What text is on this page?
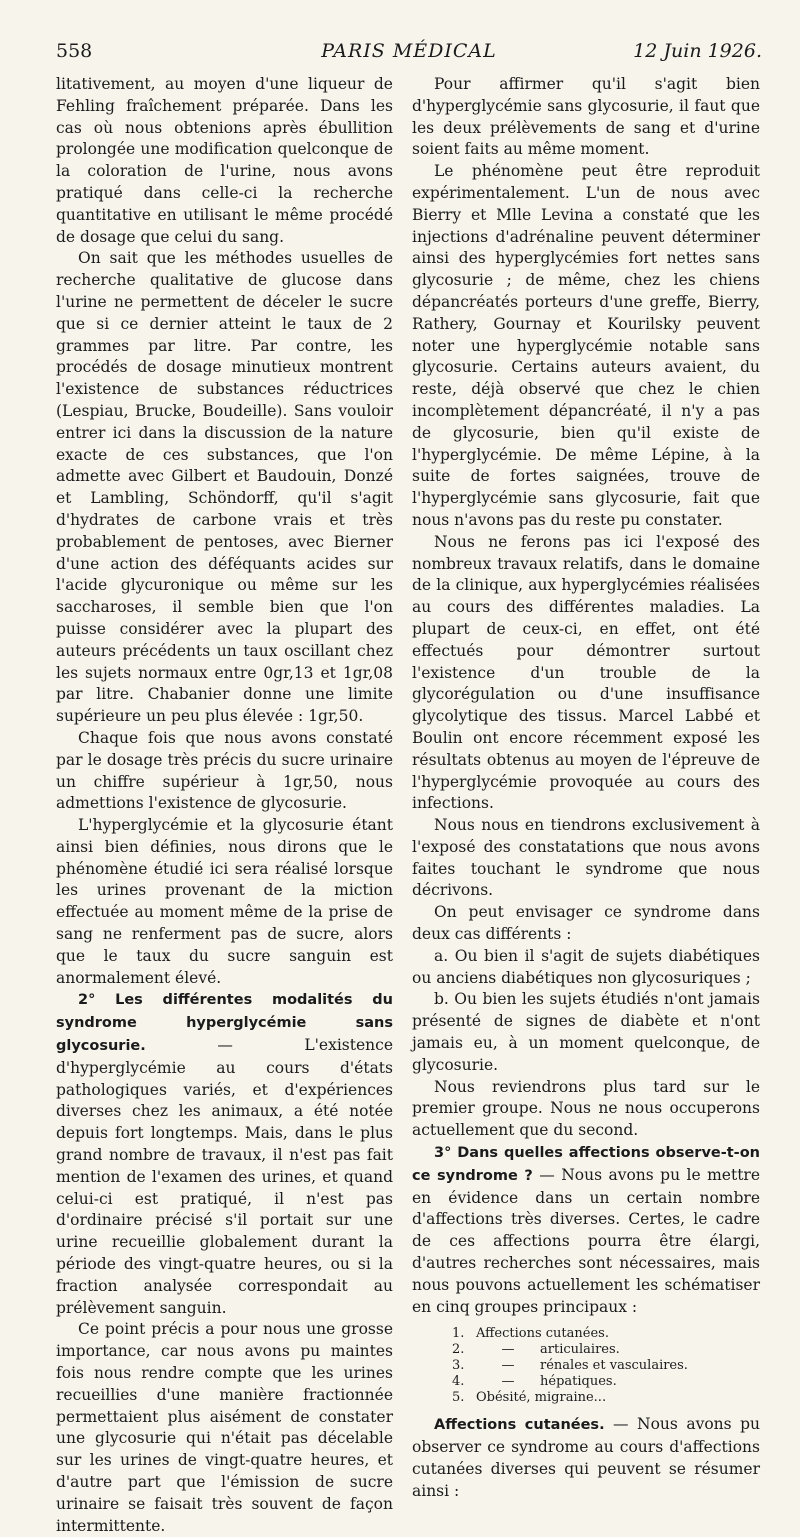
558	PARIS MÉDICAL	12 Juin 1926.

litativement, au moyen d'une liqueur de Fehling fraîchement préparée. Dans les cas où nous obtenions après ébullition prolongée une modification quelconque de la coloration de l'urine, nous avons pratiqué dans celle-ci la recherche quantitative en utilisant le même procédé de dosage que celui du sang.

On sait que les méthodes usuelles de recherche qualitative de glucose dans l'urine ne permettent de déceler le sucre que si ce dernier atteint le taux de 2 grammes par litre. Par contre, les procédés de dosage minutieux montrent l'existence de substances réductrices (Lespiau, Brucke, Boudeille). Sans vouloir entrer ici dans la discussion de la nature exacte de ces substances, que l'on admette avec Gilbert et Baudouin, Donzé et Lambling, Schöndorff, qu'il s'agit d'hydrates de carbone vrais et très probablement de pentoses, avec Bierner d'une action des déféquants acides sur l'acide glycuronique ou même sur les saccharoses, il semble bien que l'on puisse considérer avec la plupart des auteurs précédents un taux oscillant chez les sujets normaux entre 0gr,13 et 1gr,08 par litre. Chabanier donne une limite supérieure un peu plus élevée : 1gr,50.

Chaque fois que nous avons constaté par le dosage très précis du sucre urinaire un chiffre supérieur à 1gr,50, nous admettions l'existence de glycosurie.

L'hyperglycémie et la glycosurie étant ainsi bien définies, nous dirons que le phénomène étudié ici sera réalisé lorsque les urines provenant de la miction effectuée au moment même de la prise de sang ne renferment pas de sucre, alors que le taux du sucre sanguin est anormalement élevé.

2° Les différentes modalités du syndrome hyperglycémie sans glycosurie. — L'existence d'hyperglycémie au cours d'états pathologiques variés, et d'expériences diverses chez les animaux, a été notée depuis fort longtemps. Mais, dans le plus grand nombre de travaux, il n'est pas fait mention de l'examen des urines, et quand celui-ci est pratiqué, il n'est pas d'ordinaire précisé s'il portait sur une urine recueillie globalement durant la période des vingt-quatre heures, ou si la fraction analysée correspondait au prélèvement sanguin.

Ce point précis a pour nous une grosse importance, car nous avons pu maintes fois nous rendre compte que les urines recueillies d'une manière fractionnée permettaient plus aisément de constater une glycosurie qui n'était pas décelable sur les urines de vingt-quatre heures, et d'autre part que l'émission de sucre urinaire se faisait très souvent de façon intermittente.

Pour affirmer qu'il s'agit bien d'hyperglycémie sans glycosurie, il faut que les deux prélèvements de sang et d'urine soient faits au même moment.

Le phénomène peut être reproduit expérimentalement. L'un de nous avec Bierry et Mlle Levina a constaté que les injections d'adrénaline peuvent déterminer ainsi des hyperglycémies fort nettes sans glycosurie ; de même, chez les chiens dépancréatés porteurs d'une greffe, Bierry, Rathery, Gournay et Kourilsky peuvent noter une hyperglycémie notable sans glycosurie. Certains auteurs avaient, du reste, déjà observé que chez le chien incomplètement dépancréaté, il n'y a pas de glycosurie, bien qu'il existe de l'hyperglycémie. De même Lépine, à la suite de fortes saignées, trouve de l'hyperglycémie sans glycosurie, fait que nous n'avons pas du reste pu constater.

Nous ne ferons pas ici l'exposé des nombreux travaux relatifs, dans le domaine de la clinique, aux hyperglycémies réalisées au cours des différentes maladies. La plupart de ceux-ci, en effet, ont été effectués pour démontrer surtout l'existence d'un trouble de la glycorégulation ou d'une insuffisance glycolytique des tissus. Marcel Labbé et Boulin ont encore récemment exposé les résultats obtenus au moyen de l'épreuve de l'hyperglycémie provoquée au cours des infections.

Nous nous en tiendrons exclusivement à l'exposé des constatations que nous avons faites touchant le syndrome que nous décrivons.

On peut envisager ce syndrome dans deux cas différents :

a. Ou bien il s'agit de sujets diabétiques ou anciens diabétiques non glycosuriques ;

b. Ou bien les sujets étudiés n'ont jamais présenté de signes de diabète et n'ont jamais eu, à un moment quelconque, de glycosurie.

Nous reviendrons plus tard sur le premier groupe. Nous ne nous occuperons actuellement que du second.

3° Dans quelles affections observe-t-on ce syndrome ? — Nous avons pu le mettre en évidence dans un certain nombre d'affections très diverses. Certes, le cadre de ces affections pourra être élargi, d'autres recherches sont nécessaires, mais nous pouvons actuellement les schématiser en cinq groupes principaux :

1. Affections cutanées.
2.	—	articulaires.
3.	—	rénales et vasculaires.
4.	—	hépatiques.
5. Obésité, migraine...

Affections cutanées. — Nous avons pu observer ce syndrome au cours d'affections cutanées diverses qui peuvent se résumer ainsi :
